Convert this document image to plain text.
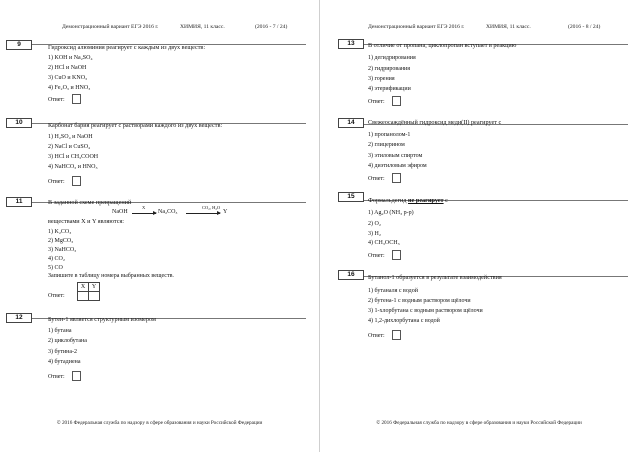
Демонстрационный вариант ЕГЭ 2016 г.	ХИМИЯ, 11 класс.	(2016 - 7 / 24)
9	Гидроксид алюминия реагирует с каждым из двух веществ:
1) KOH и Na₂SO₄
2) HCl и NaOH
3) CuO и KNO₃
4) Fe₂O₃ и HNO₃
Ответ:
10	Карбонат бария реагирует с растворами каждого из двух веществ:
1) H₂SO₄ и NaOH
2) NaCl и CuSO₄
3) HCl и CH₃COOH
4) NaHCO₃ и HNO₃
Ответ:
11	В заданной схеме превращений
NaOH
X
Na₂CO₃
CO₂, H₂O
Y
веществами X и Y являются:
1) K₂CO₃
2) MgCO₃
3) NaHCO₃
4) CO₂
5) CO
Запишите в таблицу номера выбранных веществ.
X	Y

Ответ:
12	Бутен-1 является структурным изомером
1) бутана
2) циклобутана
3) бутина-2
4) бутадиена
Ответ:
© 2016 Федеральная служба по надзору в сфере образования и науки Российской Федерации
Демонстрационный вариант ЕГЭ 2016 г.	ХИМИЯ, 11 класс.	(2016 - 8 / 24)
13	В отличие от пропана, циклопропан вступает в реакцию
1) дегидрирования
2) гидрирования
3) горения
4) этерификации
Ответ:
14	Свежеосаждённый гидроксид меди(II) реагирует с
1) пропанолом-1
2) глицерином
3) этиловым спиртом
4) диэтиловым эфиром
Ответ:
15
Формальдегид не реагирует с
1) Ag₂O (NH₃ р-р)
2) O₂
3) H₂
4) CH₃OCH₃
Ответ:
16	Бутанол-1 образуется в результате взаимодействия
1) бутаналя с водой
2) бутена-1 с водным раствором щёлочи
3) 1-хлорбутана с водным раствором щёлочи
4) 1,2-дихлорбутана с водой
Ответ:
© 2016 Федеральная служба по надзору в сфере образования и науки Российской Федерации
